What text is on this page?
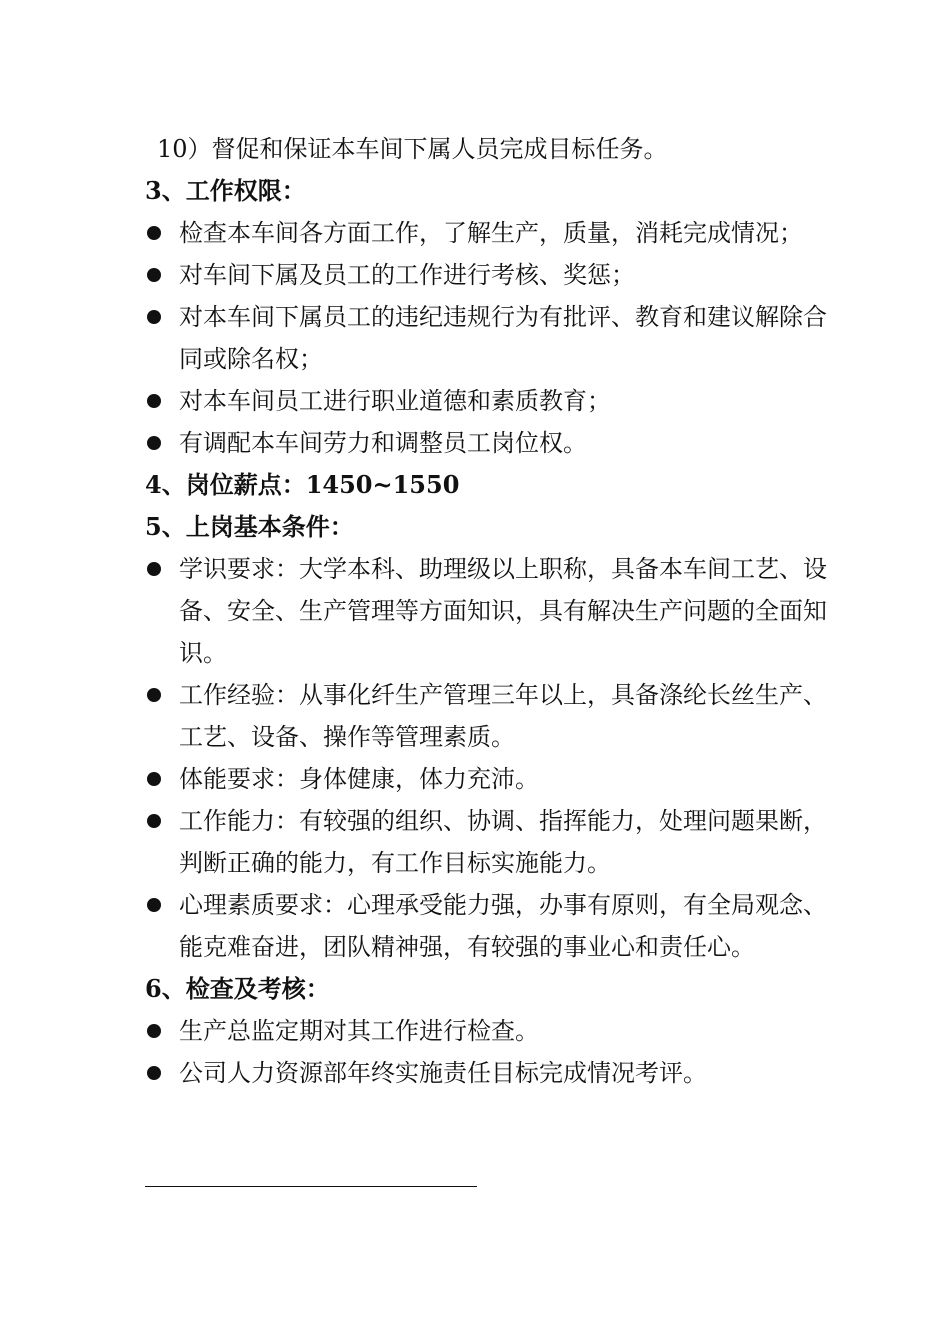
10）督促和保证本车间下属人员完成目标任务。
3、工作权限：
检查本车间各方面工作，了解生产，质量，消耗完成情况；
对车间下属及员工的工作进行考核、奖惩；
对本车间下属员工的违纪违规行为有批评、教育和建议解除合同或除名权；
对本车间员工进行职业道德和素质教育；
有调配本车间劳力和调整员工岗位权。
4、岗位薪点：1450~1550
5、上岗基本条件：
学识要求：大学本科、助理级以上职称，具备本车间工艺、设备、安全、生产管理等方面知识，具有解决生产问题的全面知识。
工作经验：从事化纤生产管理三年以上，具备涤纶长丝生产、工艺、设备、操作等管理素质。
体能要求：身体健康，体力充沛。
工作能力：有较强的组织、协调、指挥能力，处理问题果断，判断正确的能力，有工作目标实施能力。
心理素质要求：心理承受能力强，办事有原则，有全局观念、能克难奋进，团队精神强，有较强的事业心和责任心。
6、检查及考核：
生产总监定期对其工作进行检查。
公司人力资源部年终实施责任目标完成情况考评。
